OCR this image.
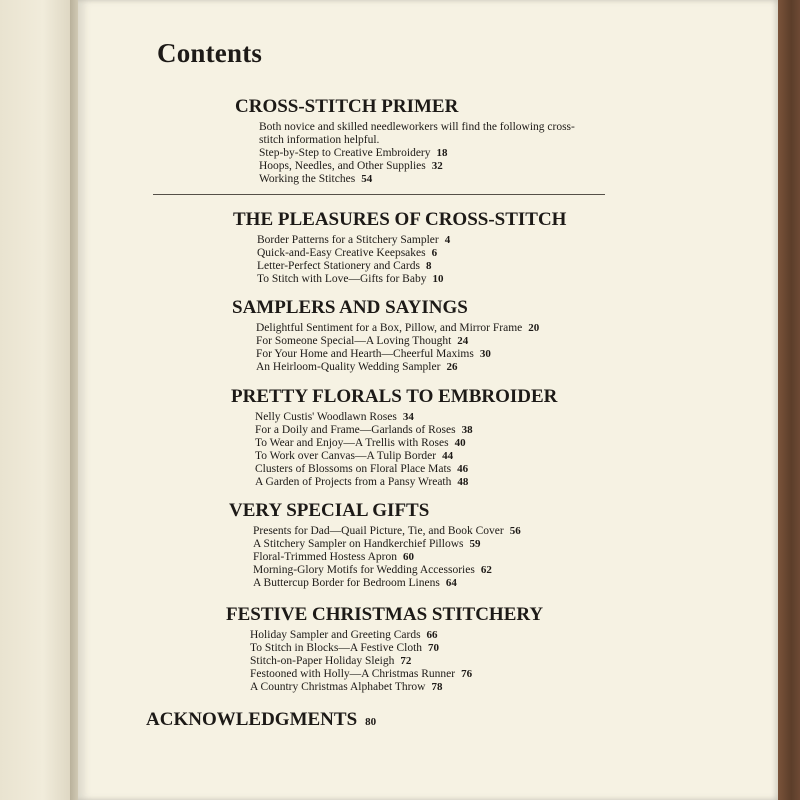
Contents
CROSS-STITCH PRIMER
Both novice and skilled needleworkers will find the following cross-stitch information helpful.
Step-by-Step to Creative Embroidery 18
Hoops, Needles, and Other Supplies 32
Working the Stitches 54
THE PLEASURES OF CROSS-STITCH
Border Patterns for a Stitchery Sampler 4
Quick-and-Easy Creative Keepsakes 6
Letter-Perfect Stationery and Cards 8
To Stitch with Love—Gifts for Baby 10
SAMPLERS AND SAYINGS
Delightful Sentiment for a Box, Pillow, and Mirror Frame 20
For Someone Special—A Loving Thought 24
For Your Home and Hearth—Cheerful Maxims 30
An Heirloom-Quality Wedding Sampler 26
PRETTY FLORALS TO EMBROIDER
Nelly Custis' Woodlawn Roses 34
For a Doily and Frame—Garlands of Roses 38
To Wear and Enjoy—A Trellis with Roses 40
To Work over Canvas—A Tulip Border 44
Clusters of Blossoms on Floral Place Mats 46
A Garden of Projects from a Pansy Wreath 48
VERY SPECIAL GIFTS
Presents for Dad—Quail Picture, Tie, and Book Cover 56
A Stitchery Sampler on Handkerchief Pillows 59
Floral-Trimmed Hostess Apron 60
Morning-Glory Motifs for Wedding Accessories 62
A Buttercup Border for Bedroom Linens 64
FESTIVE CHRISTMAS STITCHERY
Holiday Sampler and Greeting Cards 66
To Stitch in Blocks—A Festive Cloth 70
Stitch-on-Paper Holiday Sleigh 72
Festooned with Holly—A Christmas Runner 76
A Country Christmas Alphabet Throw 78
ACKNOWLEDGMENTS 80
